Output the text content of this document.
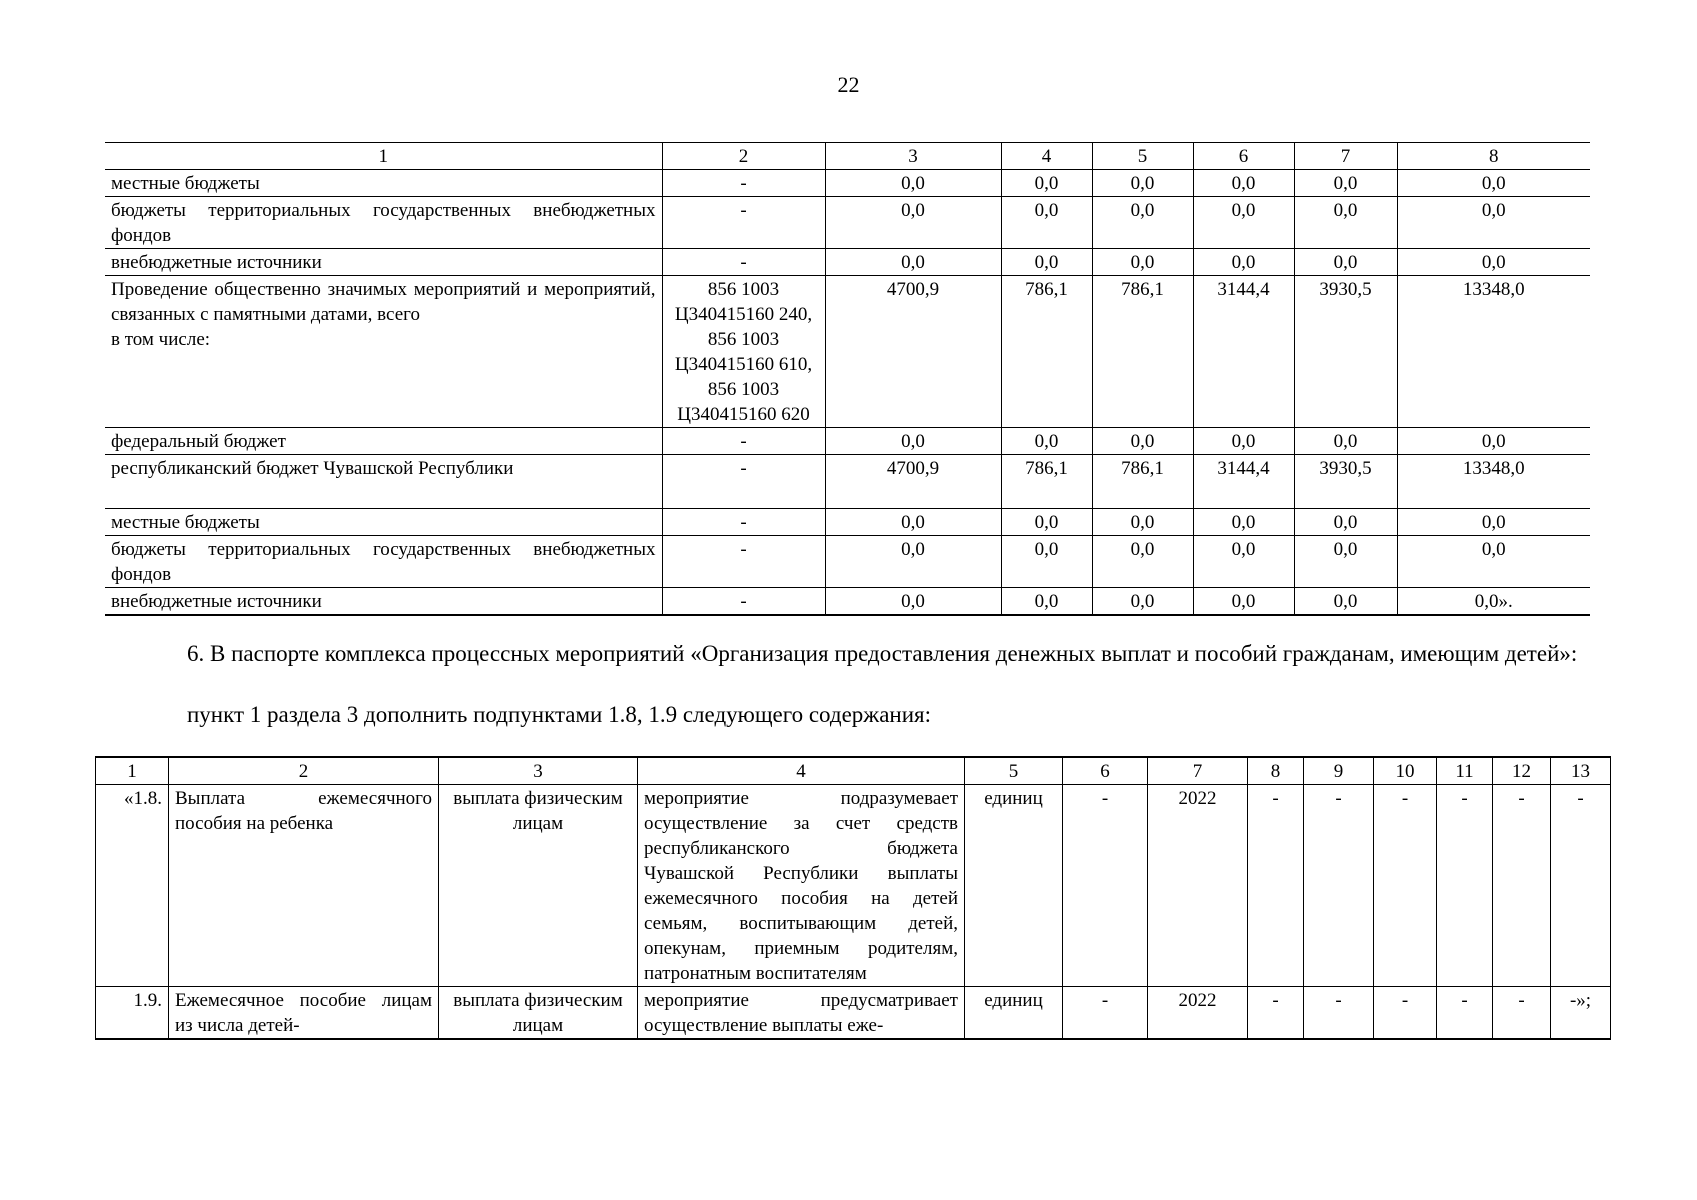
22
1	2	3	4	5	6	7	8
местные бюджеты	-	0,0	0,0	0,0	0,0	0,0	0,0
бюджеты территориальных государственных внебюджетных фондов	-	0,0	0,0	0,0	0,0	0,0	0,0
внебюджетные источники	-	0,0	0,0	0,0	0,0	0,0	0,0

Проведение общественно значимых мероприятий и мероприятий, связанных с памятными датами, всего
в том числе:	856 1003 Ц340415160 240, 856 1003 Ц340415160 610, 856 1003 Ц340415160 620	4700,9	786,1	786,1	3144,4	3930,5	13348,0
федеральный бюджет	-	0,0	0,0	0,0	0,0	0,0	0,0
республиканский бюджет Чувашской Республики	-	4700,9	786,1	786,1	3144,4	3930,5	13348,0
местные бюджеты	-	0,0	0,0	0,0	0,0	0,0	0,0
бюджеты территориальных государственных внебюджетных фондов	-	0,0	0,0	0,0	0,0	0,0	0,0
внебюджетные источники	-	0,0	0,0	0,0	0,0	0,0	0,0».
6. В паспорте комплекса процессных мероприятий «Организация предоставления денежных выплат и пособий гражданам, имеющим детей»:
пункт 1 раздела 3 дополнить подпунктами 1.8, 1.9 следующего содержания:
1	2	3	4	5	6	7	8	9	10	11	12	13
«1.8.	Выплата ежемесячного пособия на ребенка	выплата физическим лицам	мероприятие подразумевает осуществление за счет средств республиканского бюджета Чувашской Республики выплаты ежемесячного пособия на детей семьям, воспитывающим детей, опекунам, приемным родителям, патронатным воспитателям	единиц	-	2022	-	-	-	-	-	-
1.9.	Ежемесячное пособие лицам из числа детей-	выплата физическим лицам	мероприятие предусматривает осуществление выплаты еже-	единиц	-	2022	-	-	-	-	-	-»;
